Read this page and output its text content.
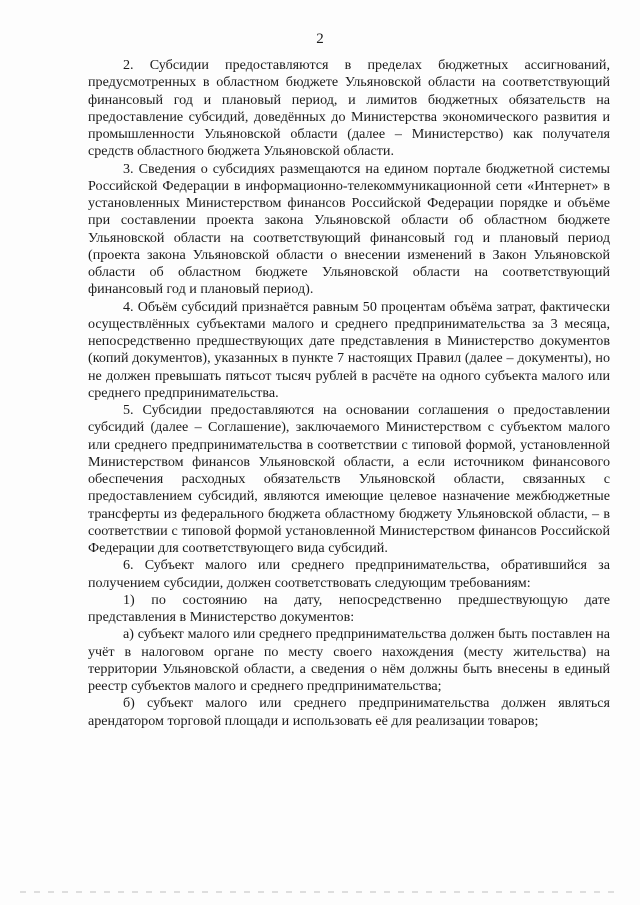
2

2. Субсидии предоставляются в пределах бюджетных ассигнований, предусмотренных в областном бюджете Ульяновской области на соответствующий финансовый год и плановый период, и лимитов бюджетных обязательств на предоставление субсидий, доведённых до Министерства экономического развития и промышленности Ульяновской области (далее – Министерство) как получателя средств областного бюджета Ульяновской области.

3. Сведения о субсидиях размещаются на едином портале бюджетной системы Российской Федерации в информационно-телекоммуникационной сети «Интернет» в установленных Министерством финансов Российской Федерации порядке и объёме при составлении проекта закона Ульяновской области об областном бюджете Ульяновской области на соответствующий финансовый год и плановый период (проекта закона Ульяновской области о внесении изменений в Закон Ульяновской области об областном бюджете Ульяновской области на соответствующий финансовый год и плановый период).

4. Объём субсидий признаётся равным 50 процентам объёма затрат, фактически осуществлённых субъектами малого и среднего предпринимательства за 3 месяца, непосредственно предшествующих дате представления в Министерство документов (копий документов), указанных в пункте 7 настоящих Правил (далее – документы), но не должен превышать пятьсот тысяч рублей в расчёте на одного субъекта малого или среднего предпринимательства.

5. Субсидии предоставляются на основании соглашения о предоставлении субсидий (далее – Соглашение), заключаемого Министерством с субъектом малого или среднего предпринимательства в соответствии с типовой формой, установленной Министерством финансов Ульяновской области, а если источником финансового обеспечения расходных обязательств Ульяновской области, связанных с предоставлением субсидий, являются имеющие целевое назначение межбюджетные трансферты из федерального бюджета областному бюджету Ульяновской области, – в соответствии с типовой формой установленной Министерством финансов Российской Федерации для соответствующего вида субсидий.

6. Субъект малого или среднего предпринимательства, обратившийся за получением субсидии, должен соответствовать следующим требованиям:

1) по состоянию на дату, непосредственно предшествующую дате представления в Министерство документов:

а) субъект малого или среднего предпринимательства должен быть поставлен на учёт в налоговом органе по месту своего нахождения (месту жительства) на территории Ульяновской области, а сведения о нём должны быть внесены в единый реестр субъектов малого и среднего предпринимательства;

б) субъект малого или среднего предпринимательства должен являться арендатором торговой площади и использовать её для реализации товаров;
